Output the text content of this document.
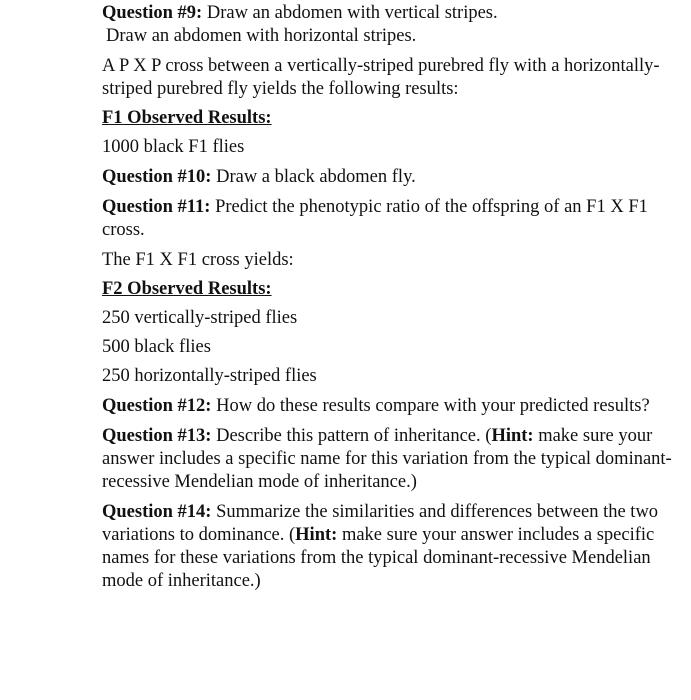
Question #9: Draw an abdomen with vertical stripes.

Draw an abdomen with horizontal stripes.

A P X P cross between a vertically-striped purebred fly with a horizontally-striped purebred fly yields the following results:

F1 Observed Results:

1000 black F1 flies

Question #10: Draw a black abdomen fly.

Question #11: Predict the phenotypic ratio of the offspring of an F1 X F1 cross.

The F1 X F1 cross yields:

F2 Observed Results:

250 vertically-striped flies

500 black flies

250 horizontally-striped flies

Question #12: How do these results compare with your predicted results?

Question #13: Describe this pattern of inheritance. (Hint: make sure your answer includes a specific name for this variation from the typical dominant-recessive Mendelian mode of inheritance.)

Question #14: Summarize the similarities and differences between the two variations to dominance. (Hint: make sure your answer includes a specific names for these variations from the typical dominant-recessive Mendelian mode of inheritance.)
